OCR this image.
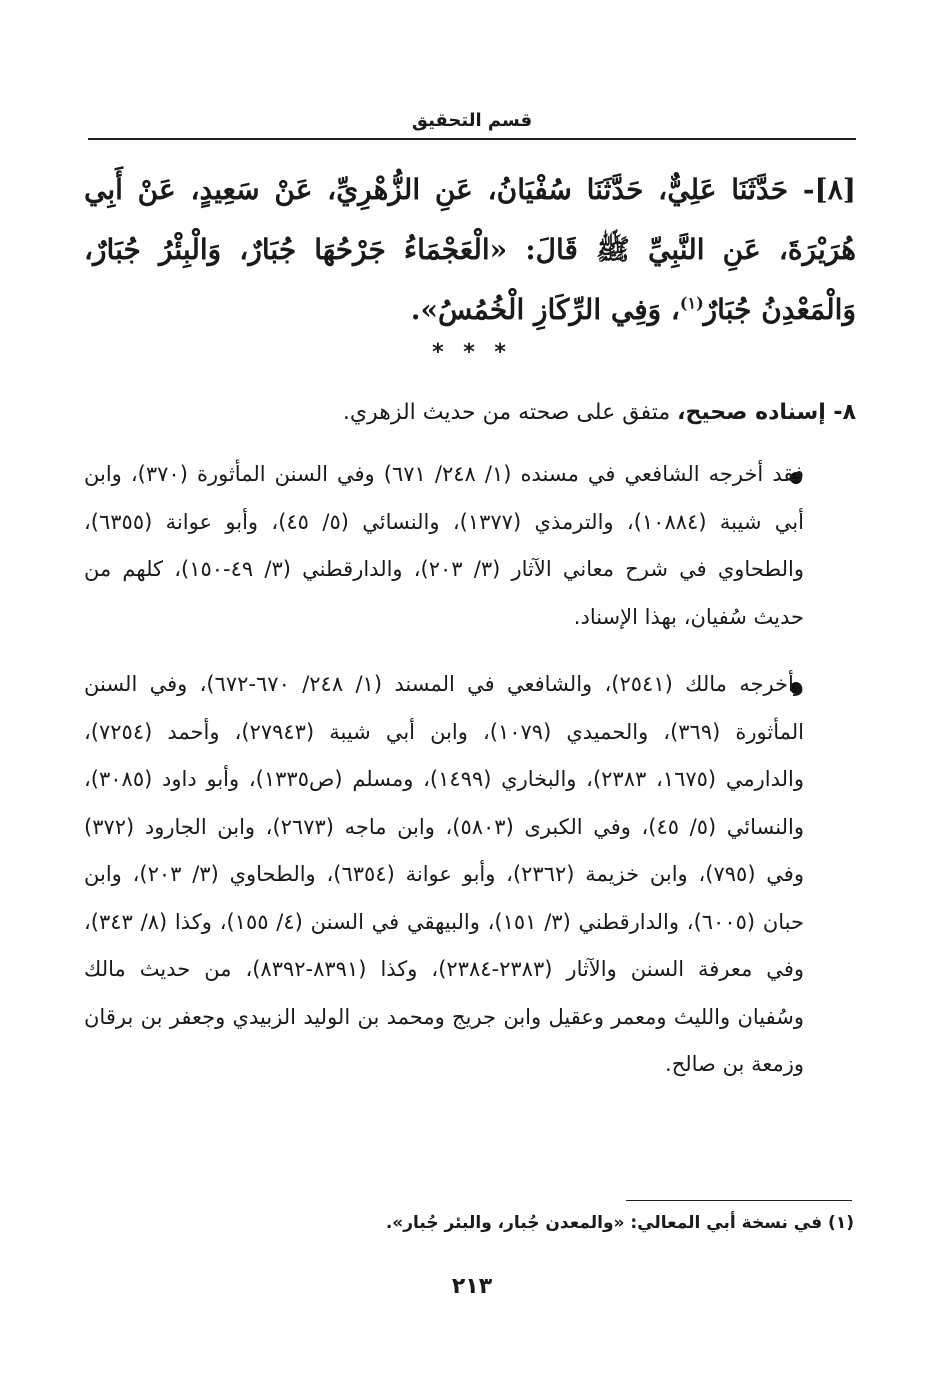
قسم التحقيق
[٨]- حَدَّثَنَا عَلِيٌّ، حَدَّثَنَا سُفْيَانُ، عَنِ الزُّهْرِيِّ، عَنْ سَعِيدٍ، عَنْ أَبِي هُرَيْرَةَ، عَنِ النَّبِيِّ ﷺ قَالَ: «الْعَجْمَاءُ جَرْحُهَا جُبَارٌ، وَالْبِئْرُ جُبَارٌ، وَالْمَعْدِنُ جُبَارٌ$^{(١)}$، وَفِي الرِّكَازِ الْخُمُسُ».
* * *
٨- إسناده صحيح، متفق على صحته من حديث الزهري.
فقد أخرجه الشافعي في مسنده (١/ ٢٤٨/ ٦٧١) وفي السنن المأثورة (٣٧٠)، وابن أبي شيبة (١٠٨٨٤)، والترمذي (١٣٧٧)، والنسائي (٥/ ٤٥)، وأبو عوانة (٦٣٥٥)، والطحاوي في شرح معاني الآثار (٣/ ٢٠٣)، والدارقطني (٣/ ٤٩-١٥٠)، كلهم من حديث سُفيان، بهذا الإسناد.
وأخرجه مالك (٢٥٤١)، والشافعي في المسند (١/ ٢٤٨/ ٦٧٠-٦٧٢)، وفي السنن المأثورة (٣٦٩)، والحميدي (١٠٧٩)، وابن أبي شيبة (٢٧٩٤٣)، وأحمد (٧٢٥٤)، والدارمي (١٦٧٥، ٢٣٨٣)، والبخاري (١٤٩٩)، ومسلم (ص١٣٣٥)، وأبو داود (٣٠٨٥)، والنسائي (٥/ ٤٥)، وفي الكبرى (٥٨٠٣)، وابن ماجه (٢٦٧٣)، وابن الجارود (٣٧٢) وفي (٧٩٥)، وابن خزيمة (٢٣٦٢)، وأبو عوانة (٦٣٥٤)، والطحاوي (٣/ ٢٠٣)، وابن حبان (٦٠٠٥)، والدارقطني (٣/ ١٥١)، والبيهقي في السنن (٤/ ١٥٥)، وكذا (٨/ ٣٤٣)، وفي معرفة السنن والآثار (٢٣٨٣-٢٣٨٤)، وكذا (٨٣٩١-٨٣٩٢)، من حديث مالك وسُفيان والليث ومعمر وعقيل وابن جريج ومحمد بن الوليد الزبيدي وجعفر بن برقان وزمعة بن صالح.
(١) في نسخة أبي المعالي: «والمعدن جُبار، والبئر جُبار».
٢١٣
